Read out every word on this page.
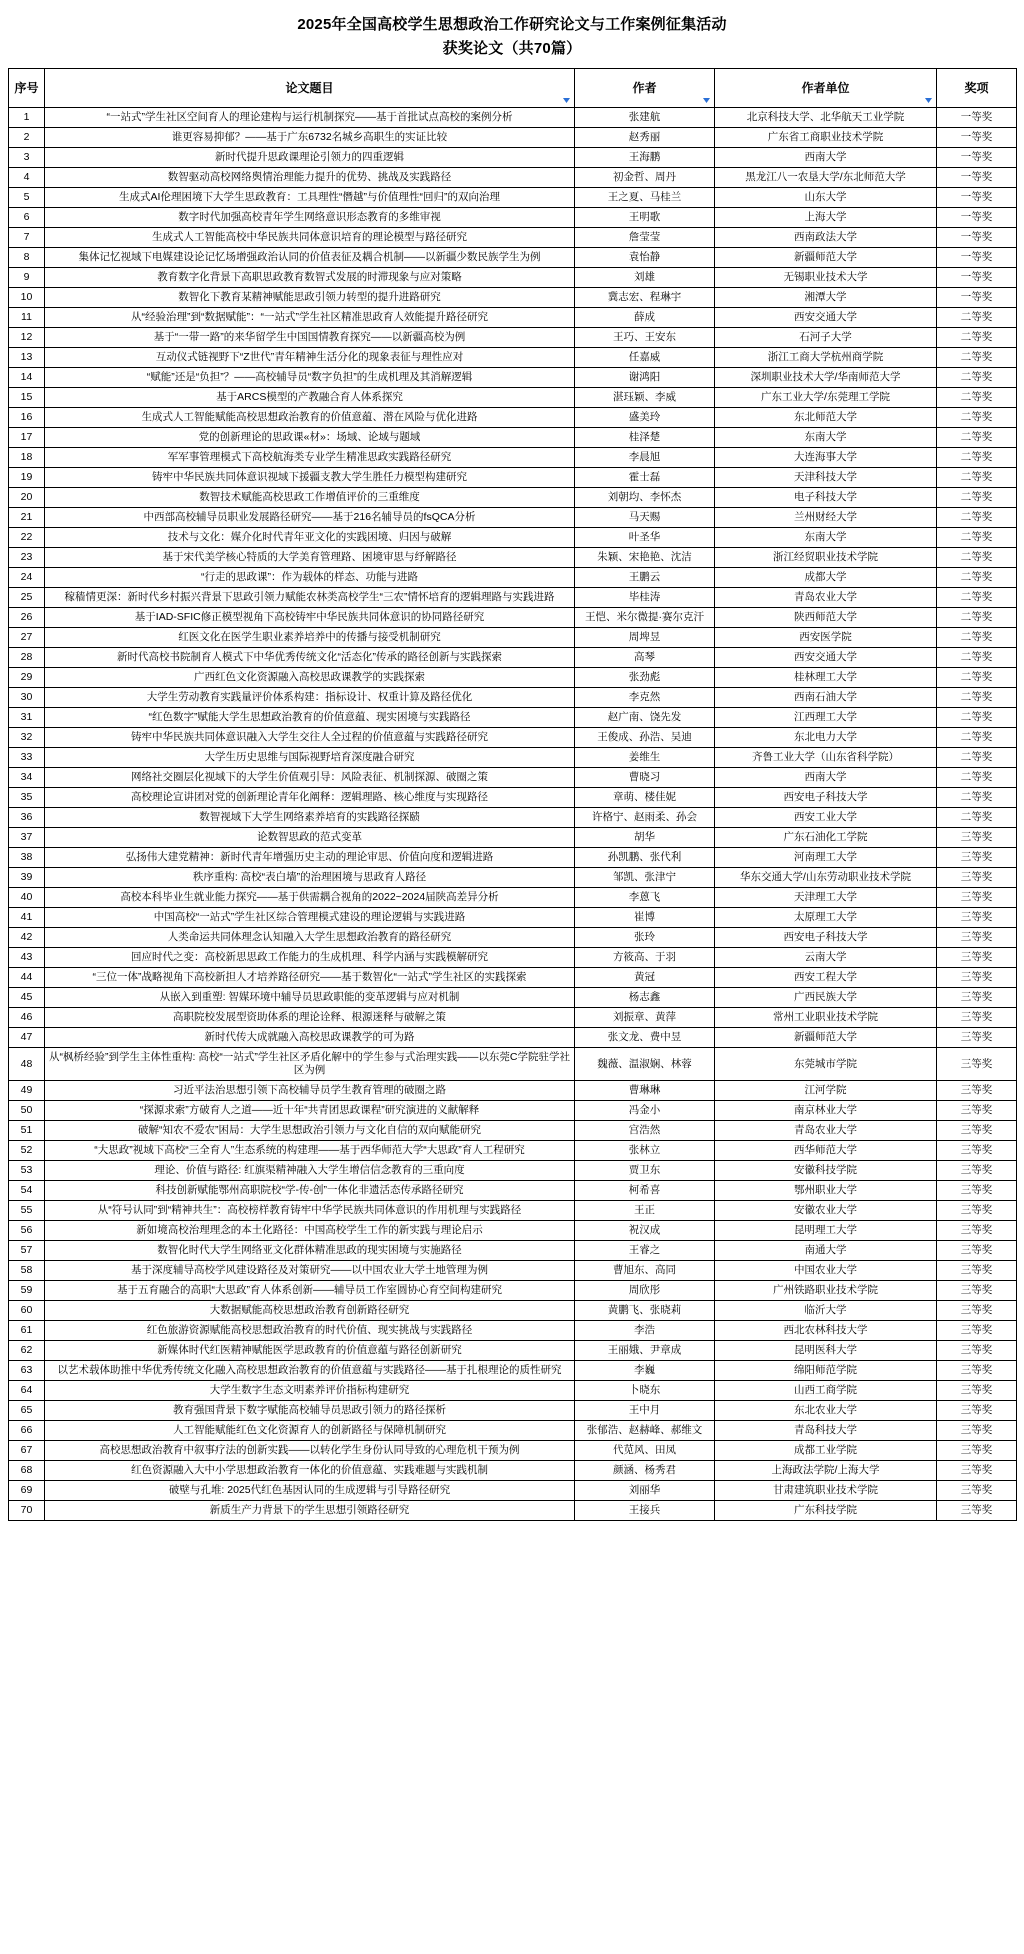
2025年全国高校学生思想政治工作研究论文与工作案例征集活动
获奖论文（共70篇）
序号	论文题目	作者	作者单位	奖项
1	“一站式”学生社区空间育人的理论建构与运行机制探究——基于首批试点高校的案例分析	张建航	北京科技大学、北华航天工业学院	一等奖
2	谁更容易抑郁？——基于广东6732名城乡高职生的实证比较	赵秀丽	广东省工商职业技术学院	一等奖
3	新时代提升思政课理论引领力的四重逻辑	王海鹏	西南大学	一等奖
4	数智驱动高校网络舆情治理能力提升的优势、挑战及实践路径	初金哲、周丹	黑龙江八一农垦大学/东北师范大学	一等奖
5	生成式AI伦理困境下大学生思政教育：工具理性“僭越”与价值理性“回归”的双向治理	王之夏、马桂兰	山东大学	一等奖
6	数字时代加强高校青年学生网络意识形态教育的多维审视	王明歌	上海大学	一等奖
7	生成式人工智能高校中华民族共同体意识培育的理论模型与路径研究	詹莹莹	西南政法大学	一等奖
8	集体记忆视域下电媒建设论记忆场增强政治认同的价值表征及耦合机制——以新疆少数民族学生为例	袁怡静	新疆师范大学	一等奖
9	教育数字化背景下高职思政教育数智式发展的时滞现象与应对策略	刘雄	无锡职业技术大学	一等奖
10	数智化下教育某精神赋能思政引领力转型的提升进路研究	冀志宏、程琳宇	湘潭大学	一等奖
11	从“经验治理”到“数据赋能”：“一站式”学生社区精准思政育人效能提升路径研究	薛成	西安交通大学	二等奖
12	基于“一带一路”的来华留学生中国国情教育探究——以新疆高校为例	王巧、王安东	石河子大学	二等奖
13	互动仪式链视野下“Z世代”青年精神生活分化的现象表征与理性应对	任嘉威	浙江工商大学杭州商学院	二等奖
14	“赋能”还是“负担”？——高校辅导员“数字负担”的生成机理及其消解逻辑	谢鸿阳	深圳职业技术大学/华南师范大学	二等奖
15	基于ARCS模型的产教融合育人体系探究	湛珏颖、李威	广东工业大学/东莞理工学院	二等奖
16	生成式人工智能赋能高校思想政治教育的价值意蕴、潜在风险与优化进路	盛美玲	东北师范大学	二等奖
17	党的创新理论的思政课«材»：场域、论域与题域	桂泽楚	东南大学	二等奖
18	军军事管理模式下高校航海类专业学生精准思政实践路径研究	李晨旭	大连海事大学	二等奖
19	铸牢中华民族共同体意识视域下援疆支教大学生胜任力模型构建研究	霍士磊	天津科技大学	二等奖
20	数智技术赋能高校思政工作增值评价的三重维度	刘朝均、李怀杰	电子科技大学	二等奖
21	中西部高校辅导员职业发展路径研究——基于216名辅导员的fsQCA分析	马天赐	兰州财经大学	二等奖
22	技术与文化：媒介化时代青年亚文化的实践困境、归因与破解	叶圣华	东南大学	二等奖
23	基于宋代美学核心特质的大学美育管理路、困境审思与纾解路径	朱颖、宋艳艳、沈洁	浙江经贸职业技术学院	二等奖
24	“行走的思政课”：作为载体的样态、功能与进路	王鹏云	成都大学	二等奖
25	稼穑情更深：新时代乡村振兴背景下思政引领力赋能农林类高校学生“三农”情怀培育的逻辑理路与实践进路	毕桂涛	青岛农业大学	二等奖
26	基于IAD-SFIC修正模型视角下高校铸牢中华民族共同体意识的协同路径研究	王恺、米尔微提·赛尔克汗	陕西师范大学	二等奖
27	红医文化在医学生职业素养培养中的传播与接受机制研究	周埤昱	西安医学院	二等奖
28	新时代高校书院制育人模式下中华优秀传统文化“活态化”传承的路径创新与实践探索	高琴	西安交通大学	二等奖
29	广西红色文化资源融入高校思政课教学的实践探索	张劲彪	桂林理工大学	二等奖
30	大学生劳动教育实践量评价体系构建：指标设计、权重计算及路径优化	李克然	西南石油大学	二等奖
31	“红色数字”赋能大学生思想政治教育的价值意蕴、现实困境与实践路径	赵广南、饶先发	江西理工大学	二等奖
32	铸牢中华民族共同体意识融入大学生交往人全过程的价值意蕴与实践路径研究	王俊成、孙浩、吴迪	东北电力大学	二等奖
33	大学生历史思维与国际视野培育深度融合研究	姜维生	齐鲁工业大学（山东省科学院）	二等奖
34	网络社交圈层化视域下的大学生价值观引导：风险表征、机制探源、破圈之策	曹晓习	西南大学	二等奖
35	高校理论宣讲团对党的创新理论青年化阐释：逻辑理路、核心维度与实现路径	章萌、楼佳妮	西安电子科技大学	二等奖
36	数智视域下大学生网络素养培育的实践路径探赜	许格宁、赵雨柔、孙会	西安工业大学	二等奖
37	论数智思政的范式变革	胡华	广东石油化工学院	三等奖
38	弘扬伟大建党精神：新时代青年增强历史主动的理论审思、价值向度和逻辑进路	孙凯鹏、张代利	河南理工大学	三等奖
39	秩序重构: 高校“表白墙”的治理困境与思政育人路径	邹凯、张津宁	华东交通大学/山东劳动职业技术学院	三等奖
40	高校本科毕业生就业能力探究——基于供需耦合视角的2022~2024届陕高差异分析	李蒽飞	天津理工大学	三等奖
41	中国高校“一站式”学生社区综合管理模式建设的理论逻辑与实践进路	崔博	太原理工大学	三等奖
42	人类命运共同体理念认知融入大学生思想政治教育的路径研究	张玲	西安电子科技大学	三等奖
43	回应时代之变：高校新思思政工作能力的生成机理、科学内涵与实践模解研究	方筱高、于羽	云南大学	三等奖
44	“三位一体”战略视角下高校新担人才培养路径研究——基于数智化“一站式”学生社区的实践探索	黄冠	西安工程大学	三等奖
45	从嵌入到重塑: 智媒环境中辅导员思政职能的变革逻辑与应对机制	杨志鑫	广西民族大学	三等奖
46	高职院校发展型资助体系的理论诠释、根源迷释与破解之策	刘振章、黄萍	常州工业职业技术学院	三等奖
47	新时代传大成就融入高校思政课教学的可为路	张文龙、费中昱	新疆师范大学	三等奖
48	从“枫桥经验”到学生主体性重构: 高校“一站式”学生社区矛盾化解中的学生参与式治理实践——以东莞C学院驻学社区为例	魏薇、温淑娴、林蓉	东莞城市学院	三等奖
49	习近平法治思想引领下高校辅导员学生教育管理的破圈之路	曹琳琳	江河学院	三等奖
50	“探源求索”方破育人之道——近十年“共青团思政课程”研究演进的义献解释	冯金小	南京林业大学	三等奖
51	破解“知农不爱农”困局：大学生思想政治引领力与文化自信的双向赋能研究	宫浩然	青岛农业大学	三等奖
52	“大思政”视域下高校“三全育人”生态系统的构建理——基于西华师范大学“大思政”育人工程研究	张林立	西华师范大学	三等奖
53	理论、价值与路径: 红旗渠精神融入大学生增信信念教育的三重向度	贾卫东	安徽科技学院	三等奖
54	科技创新赋能鄂州高职院校“学-传-创”一体化非遗活态传承路径研究	柯希喜	鄂州职业大学	三等奖
55	从“符号认同”到“精神共生”：高校榜样教育铸牢中华学民族共同体意识的作用机理与实践路径	王正	安徽农业大学	三等奖
56	新如境高校治理理念的本土化路径：中国高校学生工作的新实践与理论启示	祝汉成	昆明理工大学	三等奖
57	数智化时代大学生网络亚文化群体精准思政的现实困境与实施路径	王睿之	南通大学	三等奖
58	基于深度辅导高校学风建设路径及对策研究——以中国农业大学土地管理为例	曹旭东、高同	中国农业大学	三等奖
59	基于五育融合的高职“大思政”育人体系创新——辅导员工作室圆协心育空间构建研究	周欣彤	广州铁路职业技术学院	三等奖
60	大数据赋能高校思想政治教育创新路径研究	黄鹏飞、张晓莉	临沂大学	三等奖
61	红色旅游资源赋能高校思想政治教育的时代价值、现实挑战与实践路径	李浩	西北农林科技大学	三等奖
62	新媒体时代红医精神赋能医学思政教育的价值意蕴与路径创新研究	王丽娥、尹章成	昆明医科大学	三等奖
63	以艺术载体助推中华优秀传统文化融入高校思想政治教育的价值意蕴与实践路径——基于扎根理论的质性研究	李巍	绵阳师范学院	三等奖
64	大学生数字生态文明素养评价指标构建研究	卜晓东	山西工商学院	三等奖
65	教育强国背景下数字赋能高校辅导员思政引领力的路径探析	王中月	东北农业大学	三等奖
66	人工智能赋能红色文化资源育人的创新路径与保障机制研究	张郁浩、赵赫峰、郝维文	青岛科技大学	三等奖
67	高校思想政治教育中叙事疗法的创新实践——以转化学生身份认同导致的心理危机干预为例	代苋风、田凤	成都工业学院	三等奖
68	红色资源融入大中小学思想政治教育一体化的价值意蕴、实践难题与实践机制	颜涵、杨秀君	上海政法学院/上海大学	三等奖
69	破壁与孔堆: 2025代红色基因认同的生成逻辑与引导路径研究	刘丽华	甘肃建筑职业技术学院	三等奖
70	新质生产力背景下的学生思想引领路径研究	王接兵	广东科技学院	三等奖
